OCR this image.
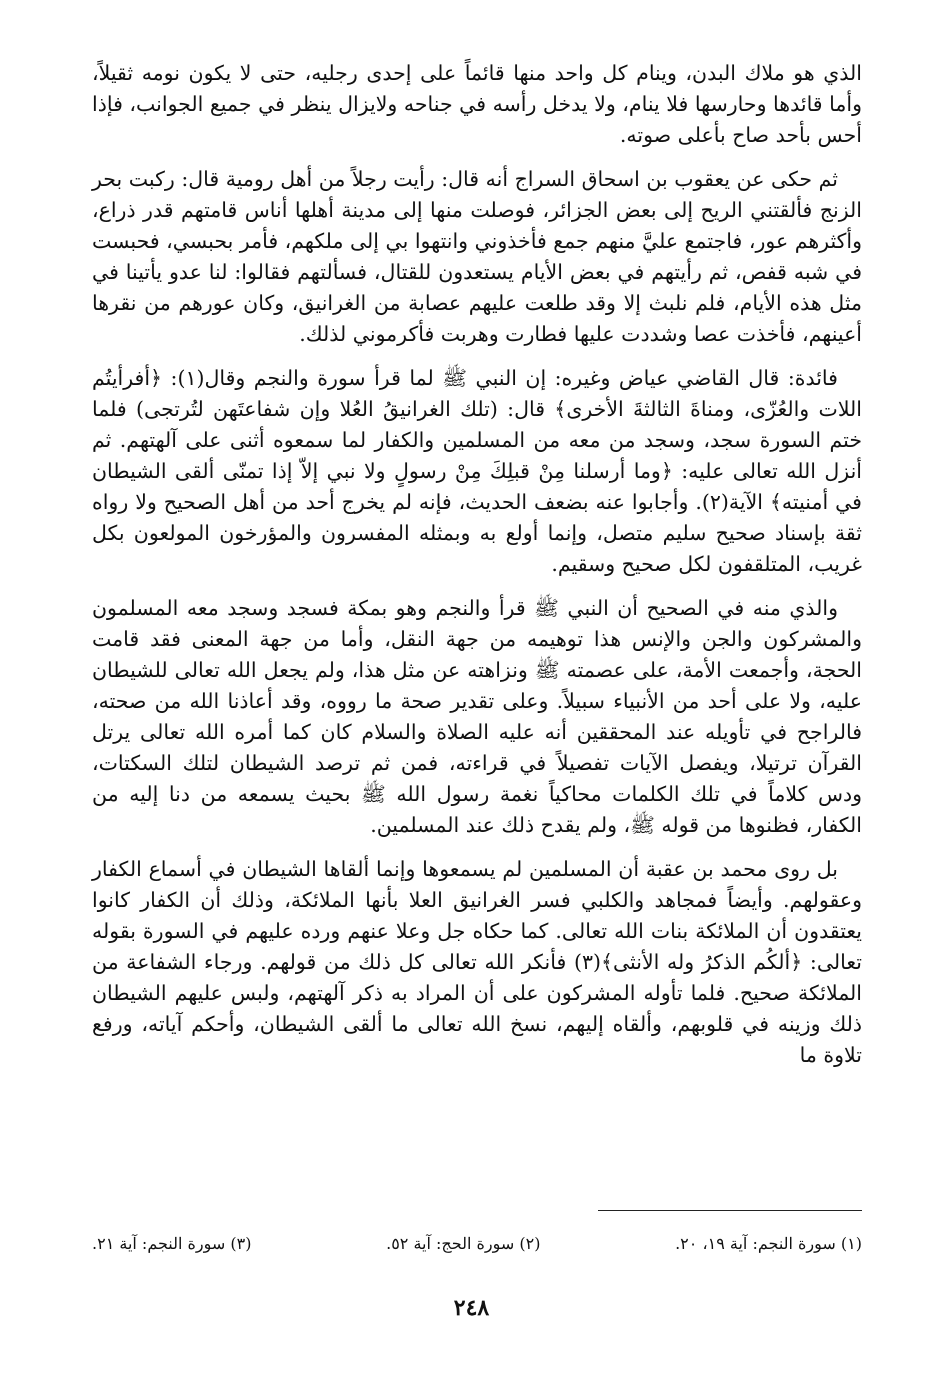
الذي هو ملاك البدن، وينام كل واحد منها قائماً على إحدى رجليه، حتى لا يكون نومه ثقيلاً، وأما قائدها وحارسها فلا ينام، ولا يدخل رأسه في جناحه ولايزال ينظر في جميع الجوانب، فإذا أحس بأحد صاح بأعلى صوته.

ثم حكى عن يعقوب بن اسحاق السراج أنه قال: رأيت رجلاً من أهل رومية قال: ركبت بحر الزنج فألقتني الريح إلى بعض الجزائر، فوصلت منها إلى مدينة أهلها أناس قامتهم قدر ذراع، وأكثرهم عور، فاجتمع عليَّ منهم جمع فأخذوني وانتهوا بي إلى ملكهم، فأمر بحبسي، فحبست في شبه قفص، ثم رأيتهم في بعض الأيام يستعدون للقتال، فسألتهم فقالوا: لنا عدو يأتينا في مثل هذه الأيام، فلم نلبث إلا وقد طلعت عليهم عصابة من الغرانيق، وكان عورهم من نقرها أعينهم، فأخذت عصا وشددت عليها فطارت وهربت فأكرموني لذلك.

فائدة: قال القاضي عياض وغيره: إن النبي ﷺ لما قرأ سورة والنجم وقال(١): ﴿أفرأيتُم اللات والعُزّى، ومناةَ الثالثةَ الأخرى﴾ قال: (تلك الغرانيقُ العُلا وإن شفاعتَهن لتُرتجى) فلما ختم السورة سجد، وسجد من معه من المسلمين والكفار لما سمعوه أثنى على آلهتهم. ثم أنزل الله تعالى عليه: ﴿وما أرسلنا مِنْ قبلِكَ مِنْ رسولٍ ولا نبي إلاّ إذا تمنّى ألقى الشيطان في أمنيته﴾ الآية(٢). وأجابوا عنه بضعف الحديث، فإنه لم يخرج أحد من أهل الصحيح ولا رواه ثقة بإسناد صحيح سليم متصل، وإنما أولع به وبمثله المفسرون والمؤرخون المولعون بكل غريب، المتلقفون لكل صحيح وسقيم.

والذي منه في الصحيح أن النبي ﷺ قرأ والنجم وهو بمكة فسجد وسجد معه المسلمون والمشركون والجن والإنس هذا توهيمه من جهة النقل، وأما من جهة المعنى فقد قامت الحجة، وأجمعت الأمة، على عصمته ﷺ ونزاهته عن مثل هذا، ولم يجعل الله تعالى للشيطان عليه، ولا على أحد من الأنبياء سبيلاً. وعلى تقدير صحة ما رووه، وقد أعاذنا الله من صحته، فالراجح في تأويله عند المحققين أنه عليه الصلاة والسلام كان كما أمره الله تعالى يرتل القرآن ترتيلا، ويفصل الآيات تفصيلاً في قراءته، فمن ثم ترصد الشيطان لتلك السكتات، ودس كلاماً في تلك الكلمات محاكياً نغمة رسول الله ﷺ بحيث يسمعه من دنا إليه من الكفار، فظنوها من قوله ﷺ، ولم يقدح ذلك عند المسلمين.

بل روى محمد بن عقبة أن المسلمين لم يسمعوها وإنما ألقاها الشيطان في أسماع الكفار وعقولهم. وأيضاً فمجاهد والكلبي فسر الغرانيق العلا بأنها الملائكة، وذلك أن الكفار كانوا يعتقدون أن الملائكة بنات الله تعالى. كما حكاه جل وعلا عنهم ورده عليهم في السورة بقوله تعالى: ﴿ألكُم الذكرُ وله الأنثى﴾(٣) فأنكر الله تعالى كل ذلك من قولهم. ورجاء الشفاعة من الملائكة صحيح. فلما تأوله المشركون على أن المراد به ذكر آلهتهم، ولبس عليهم الشيطان ذلك وزينه في قلوبهم، وألقاه إليهم، نسخ الله تعالى ما ألقى الشيطان، وأحكم آياته، ورفع تلاوة ما

(١) سورة النجم: آية ١٩، ٢٠.
(٢) سورة الحج: آية ٥٢.
(٣) سورة النجم: آية ٢١.
٢٤٨
